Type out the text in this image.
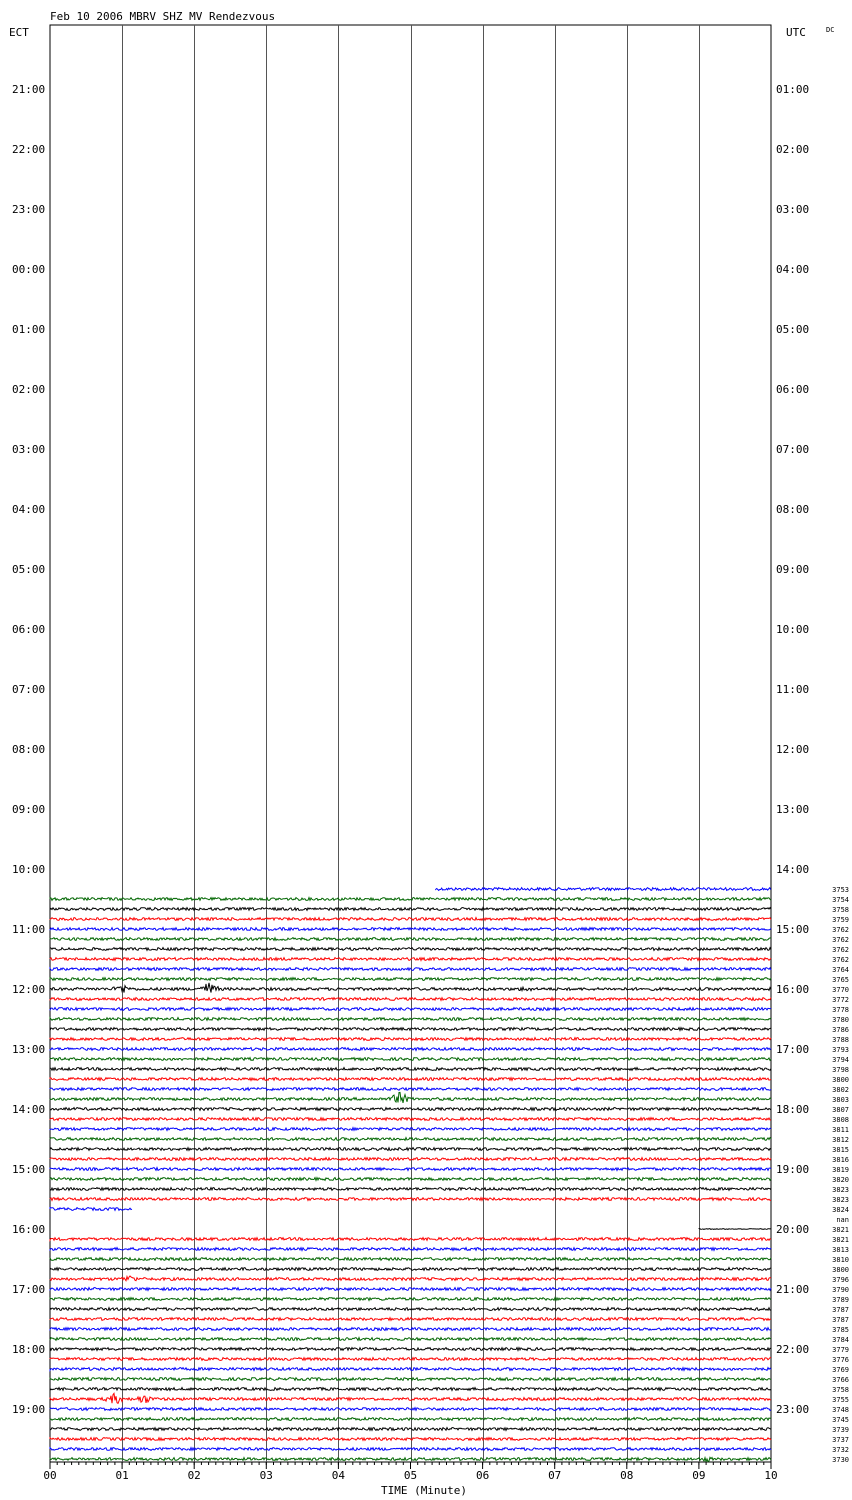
Feb 10 2006 MBRV SHZ MV Rendezvous
ECT	UTC	DC
TIME (Minute)
21:00
22:00
23:00
00:00
01:00
02:00
03:00
04:00
05:00
06:00
07:00
08:00
09:00
10:00
11:00
12:00
13:00
14:00
15:00
16:00
17:00
18:00
19:00
01:00
02:00
03:00
04:00
05:00
06:00
07:00
08:00
09:00
10:00
11:00
12:00
13:00
14:00
15:00
16:00
17:00
18:00
19:00
20:00
21:00
22:00
23:00
3753
3754
3758
3759
3762
3762
3762
3762
3764
3765
3770
3772
3778
3780
3786
3788
3793
3794
3798
3800
3802
3803
3807
3808
3811
3812
3815
3816
3819
3820
3823
3823
3824
nan
3821
3821
3813
3810
3800
3796
3790
3789
3787
3787
3785
3784
3779
3776
3769
3766
3758
3755
3748
3745
3739
3737
3732
3730
00	01	02	03	04	05	06	07	08	09	10
